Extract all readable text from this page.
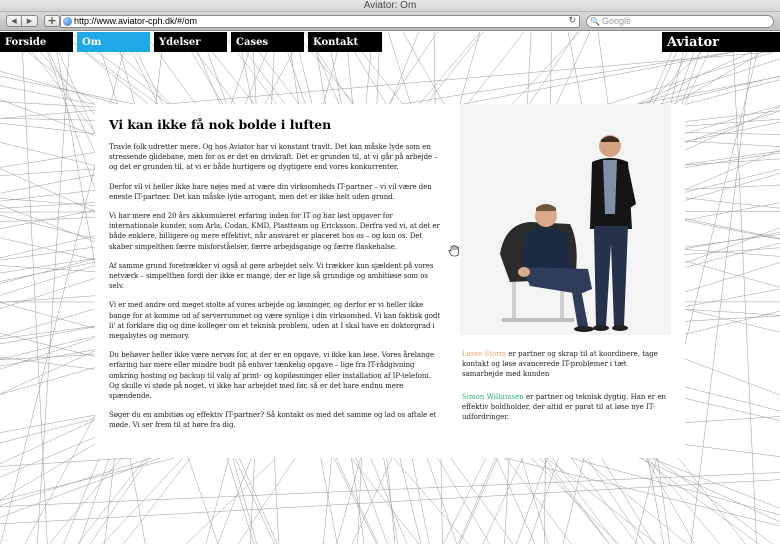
Aviator: Om
◀	▶	+	http://www.aviator-cph.dk/#/om	↻ 🔍 Google
Forside	Om	Ydelser	Cases	Kontakt	Aviator
Vi kan ikke få nok bolde i luften

Travle folk udretter mere. Og hos Aviator har vi konstant travlt. Det kan måske lyde som en stressende glidebane, men for os er det en drivkraft. Det er grunden til, at vi går på arbejde – og det er grunden til, at vi er både hurtigere og dygtigere end vores konkurrenter.

Derfor vil vi heller ikke bare nøjes med at være din virksomheds IT-partner – vi vil være den eneste IT-partner. Det kan måske lyde arrogant, men det er ikke helt uden grund.

Vi har mere end 20 års akkumuleret erfaring inden for IT og har løst opgaver for internationale kunder, som Arla, Codan, KMD, Plastteam og Ericksson. Derfra ved vi, at det er både enklere, billigere og mere effektivt, når ansvaret er placeret hos os – og kun os. Det skaber simpelthen færre misforståelser, færre arbejdsgange og færre flaskehalse.

Af samme grund foretrækker vi også at gøre arbejdet selv. Vi trækker kun sjældent på vores netværk – simpelthen fordi der ikke er mange, der er lige så grundige og ambitiøse som os selv.

Vi er med andre ord meget stolte af vores arbejde og løsninger, og derfor er vi heller ikke bange for at komme ud af serverrummet og være synlige i din virksomhed. Vi kan faktisk godt li' at forklare dig og dine kolleger om et teknisk problem, uden at I skal have en doktorgrad i megabytes og memory.

Du behøver heller ikke være nervøs for, at der er en opgave, vi ikke kan løse. Vores årelange erfaring har mere eller mindre budt på enhver tænkelig opgave – lige fra IT-rådgivning omkring hosting og backup til valg af print- og kopiløsninger eller installation af IP-telefoni. Og skulle vi støde på noget, vi ikke har arbejdet med før, så er det bare endnu mere spændende.

Søger du en ambitiøs og effektiv IT-partner? Så kontakt os med det samme og lad os aftale et møde. Vi ser frem til at høre fra dig.

Lasse Storm er partner og skrap til at koordinere, tage kontakt og løse avancerede IT-problemer i tæt samarbejde med kunden

Simon Willumsen er partner og teknisk dygtig. Han er en effektiv boldholder, der altid er parat til at løse nye IT-udfordringer.
